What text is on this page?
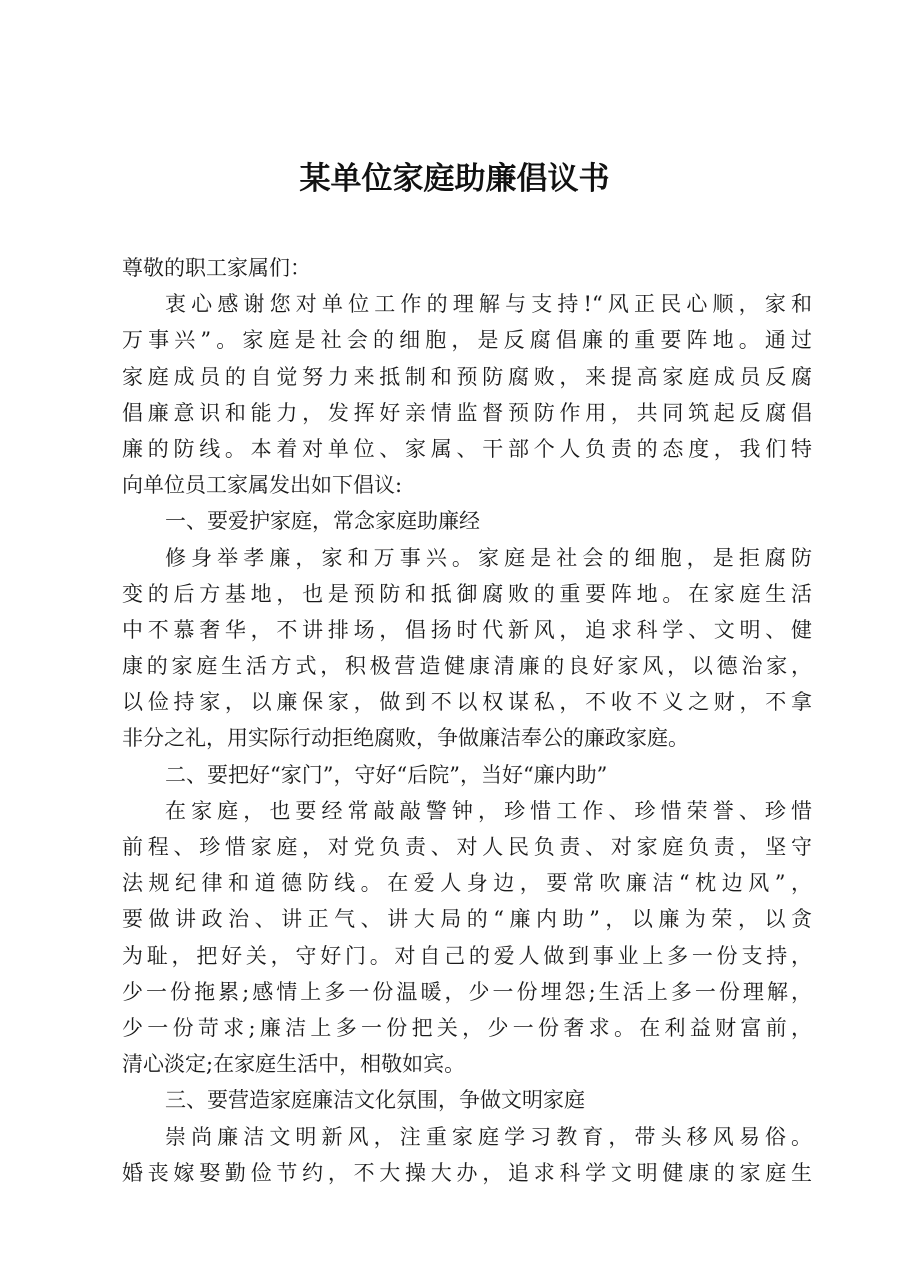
某单位家庭助廉倡议书
尊敬的职工家属们：
衷心感谢您对单位工作的理解与支持!“风正民心顺，家和
万事兴”。家庭是社会的细胞，是反腐倡廉的重要阵地。通过
家庭成员的自觉努力来抵制和预防腐败，来提高家庭成员反腐
倡廉意识和能力，发挥好亲情监督预防作用，共同筑起反腐倡
廉的防线。本着对单位、家属、干部个人负责的态度，我们特
向单位员工家属发出如下倡议:
一、要爱护家庭，常念家庭助廉经
修身举孝廉，家和万事兴。家庭是社会的细胞，是拒腐防
变的后方基地，也是预防和抵御腐败的重要阵地。在家庭生活
中不慕奢华，不讲排场，倡扬时代新风，追求科学、文明、健
康的家庭生活方式，积极营造健康清廉的良好家风，以德治家，
以俭持家，以廉保家，做到不以权谋私，不收不义之财，不拿
非分之礼，用实际行动拒绝腐败，争做廉洁奉公的廉政家庭。
二、要把好“家门”，守好“后院”，当好“廉内助”
在家庭，也要经常敲敲警钟，珍惜工作、珍惜荣誉、珍惜
前程、珍惜家庭，对党负责、对人民负责、对家庭负责，坚守
法规纪律和道德防线。在爱人身边，要常吹廉洁“枕边风”，
要做讲政治、讲正气、讲大局的“廉内助”，以廉为荣，以贪
为耻，把好关，守好门。对自己的爱人做到事业上多一份支持，
少一份拖累;感情上多一份温暖，少一份埋怨;生活上多一份理解，
少一份苛求;廉洁上多一份把关，少一份奢求。在利益财富前，
清心淡定;在家庭生活中，相敬如宾。
三、要营造家庭廉洁文化氛围，争做文明家庭
崇尚廉洁文明新风，注重家庭学习教育，带头移风易俗。
婚丧嫁娶勤俭节约，不大操大办，追求科学文明健康的家庭生
